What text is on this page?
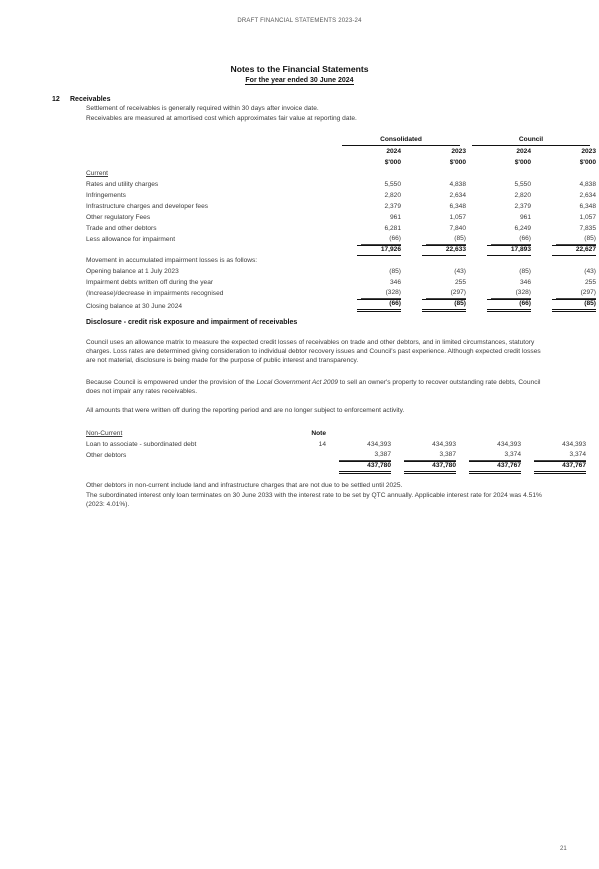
DRAFT FINANCIAL STATEMENTS 2023-24
Notes to the Financial Statements
For the year ended 30 June 2024
12 Receivables
Settlement of receivables is generally required within 30 days after invoice date.
Receivables are measured at amortised cost which approximates fair value at reporting date.
	Consolidated		Council	
	2024	2023	2024	2023
	$'000	$'000	$'000	$'000
Current				
Rates and utility charges	5,550	4,838	5,550	4,838
Infringements	2,820	2,634	2,820	2,634
Infrastructure charges and developer fees	2,379	6,348	2,379	6,348
Other regulatory Fees	961	1,057	961	1,057
Trade and other debtors	6,281	7,840	6,249	7,835
Less allowance for impairment	(66)	(85)	(66)	(85)
	17,926	22,633	17,893	22,627
Movement in accumulated impairment losses is as follows:				
Opening balance at 1 July 2023	(85)	(43)	(85)	(43)
Impairment debts written off during the year	346	255	346	255
(Increase)/decrease in impairments recognised	(328)	(297)	(328)	(297)
Closing balance at 30 June 2024	(66)	(85)	(66)	(85)
Disclosure - credit risk exposure and impairment of receivables
Council uses an allowance matrix to measure the expected credit losses of receivables on trade and other debtors, and in limited circumstances, statutory charges. Loss rates are determined giving consideration to individual debtor recovery issues and Council's past experience. Although expected credit losses are not material, disclosure is being made for the purpose of public interest and transparency.
Because Council is empowered under the provision of the Local Government Act 2009 to sell an owner's property to recover outstanding rate debts, Council does not impair any rates receivables.
All amounts that were written off during the reporting period and are no longer subject to enforcement activity.
Non-Current	Note				
Loan to associate - subordinated debt	14	434,393	434,393	434,393	434,393
Other debtors		3,387	3,387	3,374	3,374
		437,780	437,780	437,767	437,767
Other debtors in non-current include land and infrastructure charges that are not due to be settled until 2025.
The subordinated interest only loan terminates on 30 June 2033 with the interest rate to be set by QTC annually. Applicable interest rate for 2024 was 4.51% (2023: 4.01%).
21
